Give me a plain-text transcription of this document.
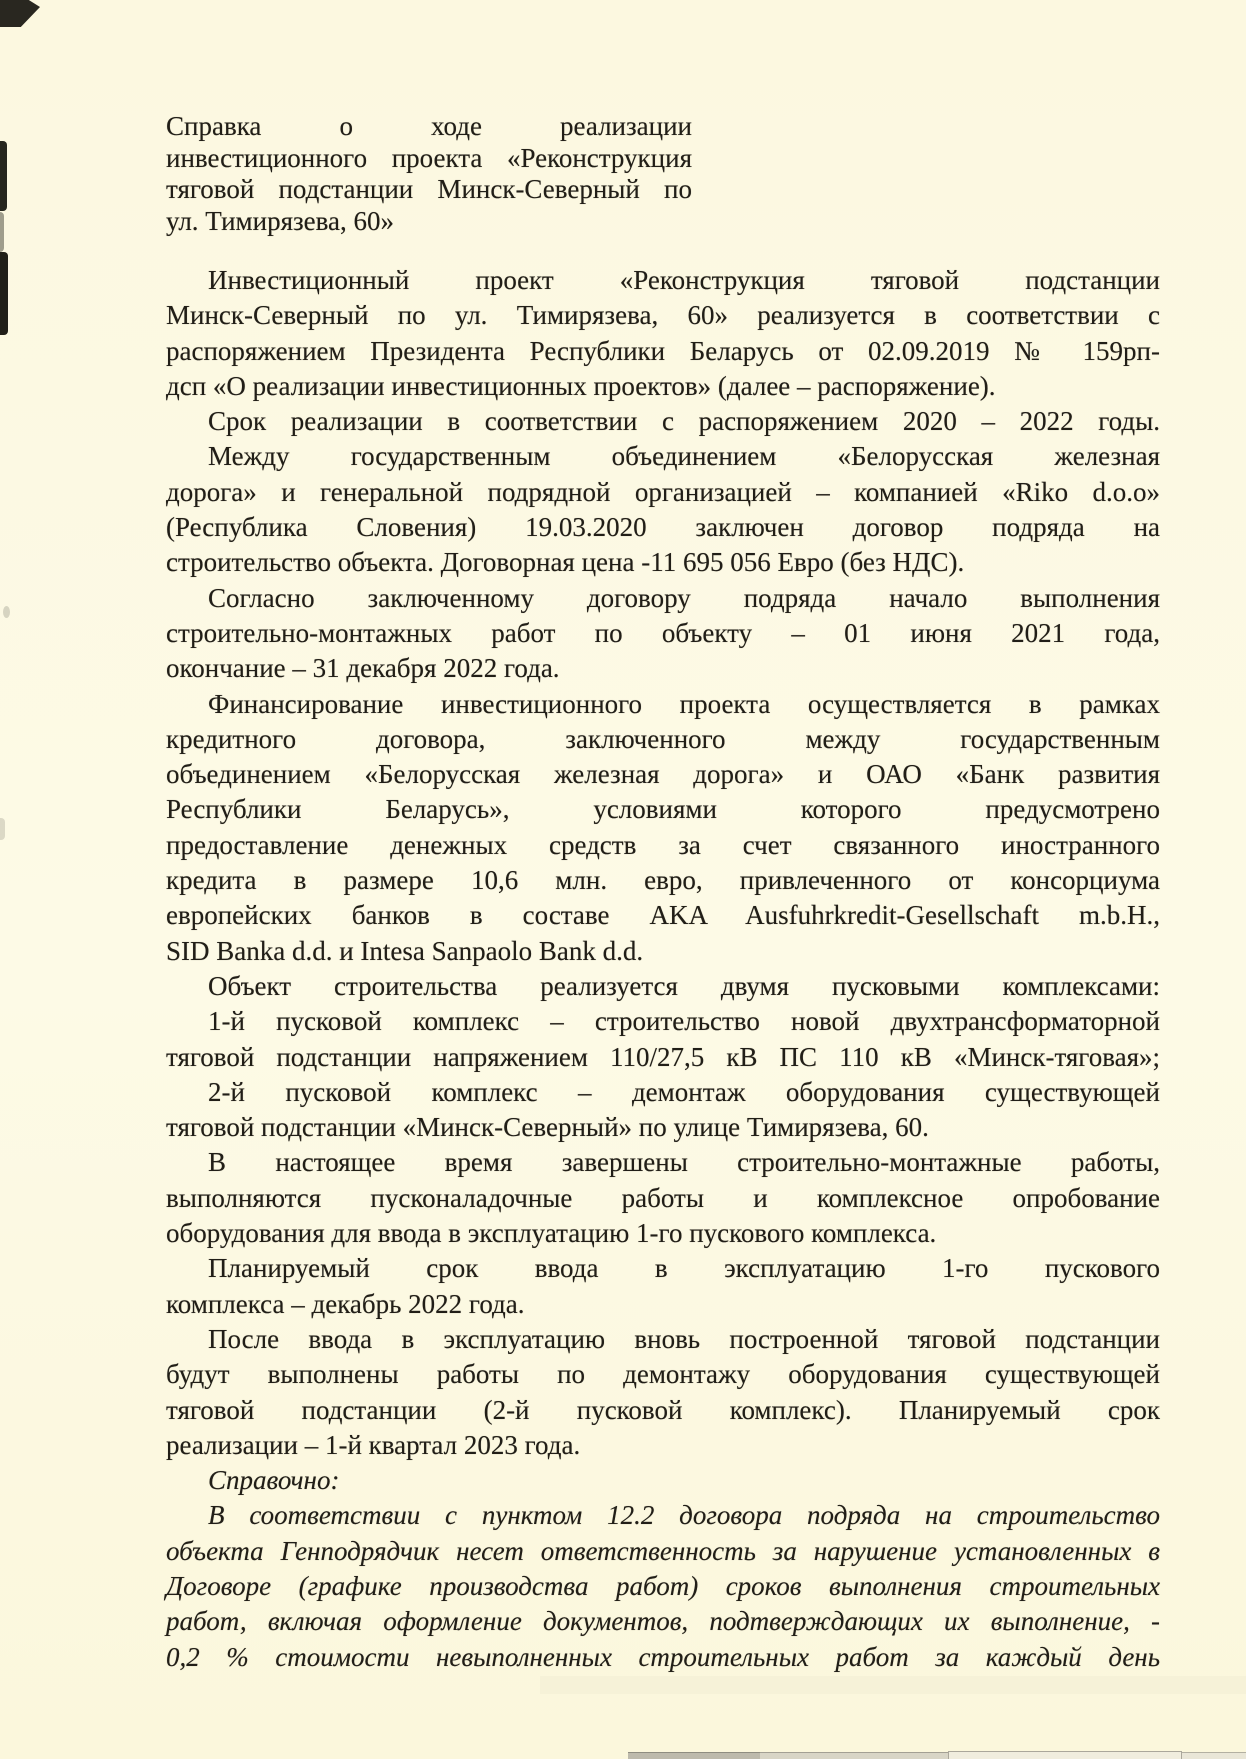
Справка о ходе реализации
инвестиционного проекта «Реконструкция
тяговой подстанции Минск-Северный по
ул. Тимирязева, 60»
Инвестиционный проект «Реконструкция тяговой подстанции
Минск-Северный по ул. Тимирязева, 60» реализуется в соответствии с
распоряжением Президента Республики Беларусь от 02.09.2019 № 159рп-
дсп «О реализации инвестиционных проектов» (далее – распоряжение).
Срок реализации в соответствии с распоряжением 2020 – 2022 годы.
Между государственным объединением «Белорусская железная
дорога» и генеральной подрядной организацией – компанией «Riko d.o.o»
(Республика Словения) 19.03.2020 заключен договор подряда на
строительство объекта. Договорная цена -11 695 056 Евро (без НДС).
Согласно заключенному договору подряда начало выполнения
строительно-монтажных работ по объекту – 01 июня 2021 года,
окончание – 31 декабря 2022 года.
Финансирование инвестиционного проекта осуществляется в рамках
кредитного договора, заключенного между государственным
объединением «Белорусская железная дорога» и ОАО «Банк развития
Республики Беларусь», условиями которого предусмотрено
предоставление денежных средств за счет связанного иностранного
кредита в размере 10,6 млн. евро, привлеченного от консорциума
европейских банков в составе AKA Ausfuhrkredit-Gesellschaft m.b.H.,
SID Banka d.d. и Intesa Sanpaolo Bank d.d.
Объект строительства реализуется двумя пусковыми комплексами:
1-й пусковой комплекс – строительство новой двухтрансформаторной
тяговой подстанции напряжением 110/27,5 кВ ПС 110 кВ «Минск-тяговая»;
2-й пусковой комплекс – демонтаж оборудования существующей
тяговой подстанции «Минск-Северный» по улице Тимирязева, 60.
В настоящее время завершены строительно-монтажные работы,
выполняются пусконаладочные работы и комплексное опробование
оборудования для ввода в эксплуатацию 1-го пускового комплекса.
Планируемый срок ввода в эксплуатацию 1-го пускового
комплекса – декабрь 2022 года.
После ввода в эксплуатацию вновь построенной тяговой подстанции
будут выполнены работы по демонтажу оборудования существующей
тяговой подстанции (2-й пусковой комплекс). Планируемый срок
реализации – 1-й квартал 2023 года.
Справочно:
В соответствии с пунктом 12.2 договора подряда на строительство
объекта Генподрядчик несет ответственность за нарушение установленных в
Договоре (графике производства работ) сроков выполнения строительных
работ, включая оформление документов, подтверждающих их выполнение, -
0,2 % стоимости невыполненных строительных работ за каждый день
